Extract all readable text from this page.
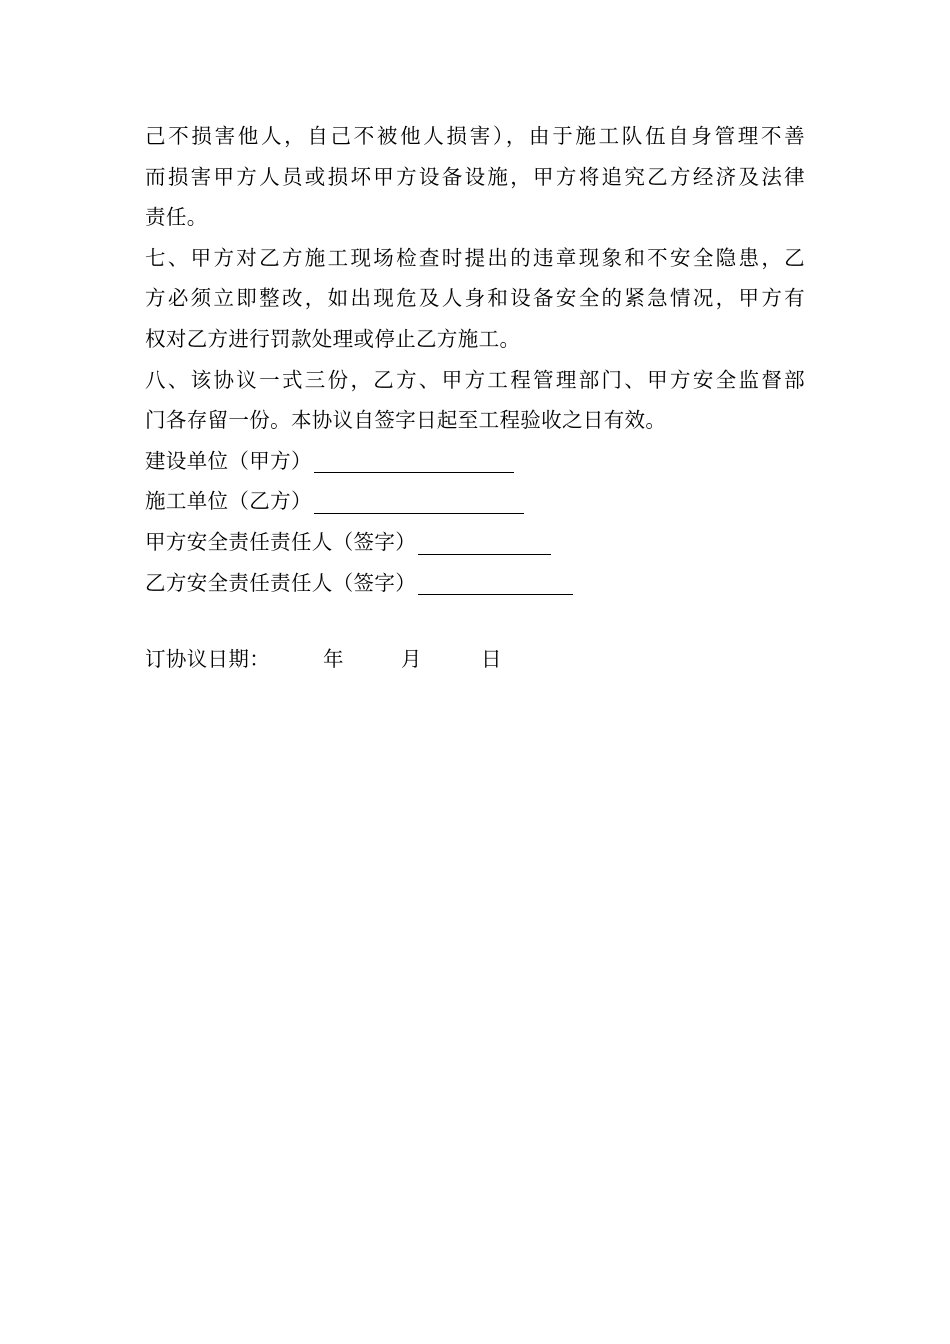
己不损害他人，自己不被他人损害），由于施工队伍自身管理不善
而损害甲方人员或损坏甲方设备设施，甲方将追究乙方经济及法律
责任。
七、甲方对乙方施工现场检查时提出的违章现象和不安全隐患，乙
方必须立即整改，如出现危及人身和设备安全的紧急情况，甲方有
权对乙方进行罚款处理或停止乙方施工。
八、该协议一式三份，乙方、甲方工程管理部门、甲方安全监督部
门各存留一份。本协议自签字日起至工程验收之日有效。
建设单位（甲方）
施工单位（乙方）
甲方安全责任责任人（签字）
乙方安全责任责任人（签字）
订协议日期：	年	月	日
